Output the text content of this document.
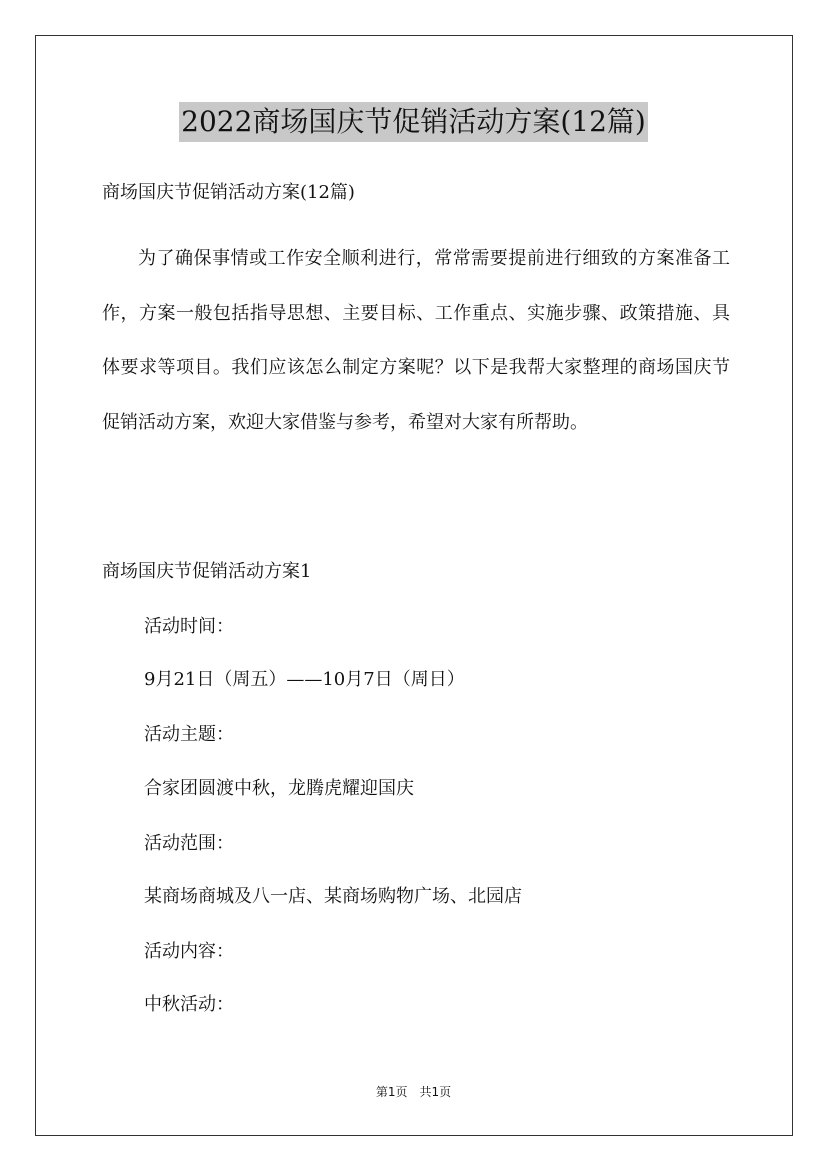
2022商场国庆节促销活动方案(12篇)
商场国庆节促销活动方案(12篇)

为了确保事情或工作安全顺利进行，常常需要提前进行细致的方案准备工作，方案一般包括指导思想、主要目标、工作重点、实施步骤、政策措施、具体要求等项目。我们应该怎么制定方案呢？以下是我帮大家整理的商场国庆节促销活动方案，欢迎大家借鉴与参考，希望对大家有所帮助。

商场国庆节促销活动方案1
活动时间：
9月21日（周五）——10月7日（周日）
活动主题：
合家团圆渡中秋，龙腾虎耀迎国庆
活动范围：
某商场商城及八一店、某商场购物广场、北园店
活动内容：
中秋活动：
第1页　共1页
